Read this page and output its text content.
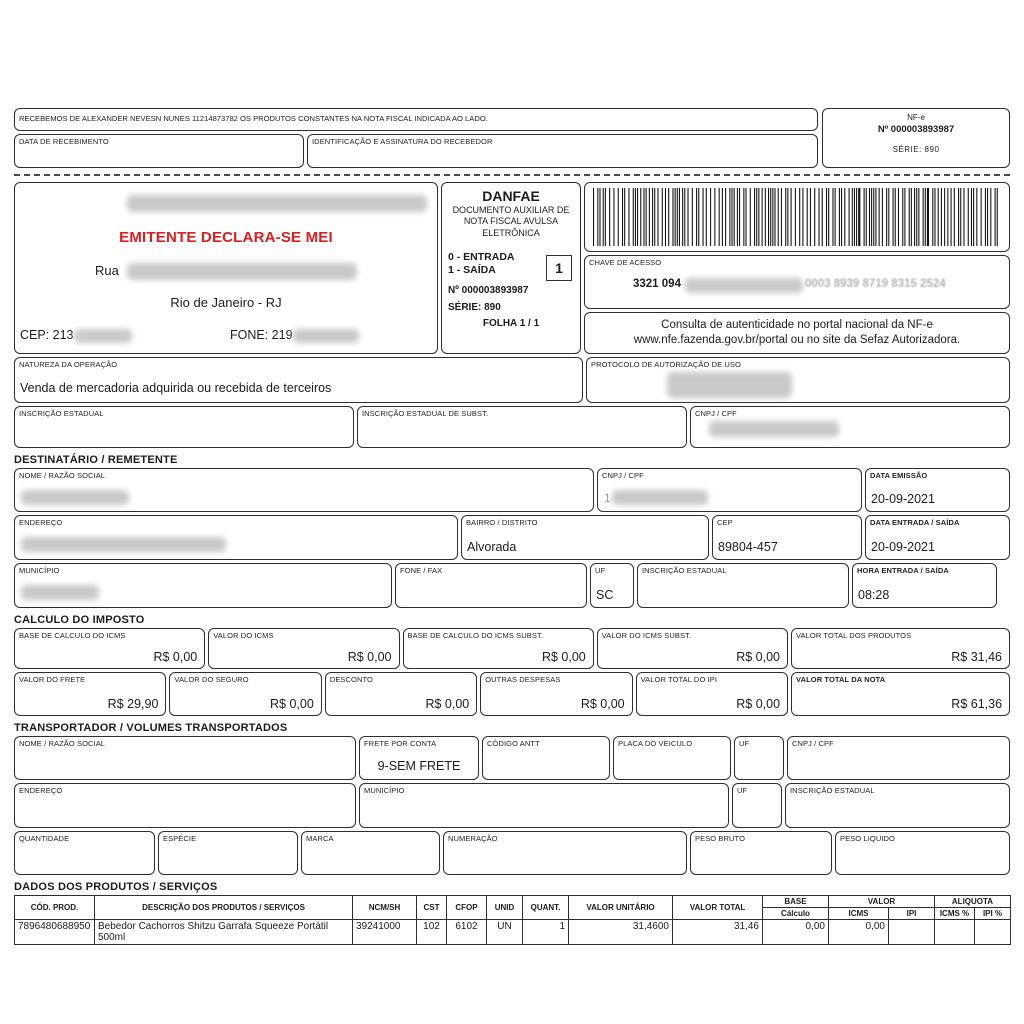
RECEBEMOS DE ALEXANDER NEVESN NUNES 11214873782 OS PRODUTOS CONSTANTES NA NOTA FISCAL INDICADA AO LADO.
DATA DE RECEBIMENTO	IDENTIFICAÇÃO E ASSINATURA DO RECEBEDOR
NF-e
Nº 000003893987
SÉRIE: 890
EMITENTE DECLARA-SE MEI
Rua
Rio de Janeiro - RJ
CEP: 213	FONE: 219
DANFAE
DOCUMENTO AUXILIAR DE NOTA FISCAL AVULSA ELETRÔNICA
0 - ENTRADA
1 - SAÍDA	1
Nº 000003893987
SÉRIE: 890
FOLHA 1 / 1
CHAVE DE ACESSO
3321 094	0003 8939 8719 8315 2524
Consulta de autenticidade no portal nacional da NF-e www.nfe.fazenda.gov.br/portal ou no site da Sefaz Autorizadora.
NATUREZA DA OPERAÇÃO
Venda de mercadoria adquirida ou recebida de terceiros
PROTOCOLO DE AUTORIZAÇÃO DE USO
INSCRIÇÃO ESTADUAL	INSCRIÇÃO ESTADUAL DE SUBST.	CNPJ / CPF
DESTINATÁRIO / REMETENTE
NOME / RAZÃO SOCIAL	CNPJ / CPF
1
DATA EMISSÃO
20-09-2021
ENDEREÇO	BAIRRO / DISTRITO
Alvorada
CEP
89804-457
DATA ENTRADA / SAÍDA
20-09-2021
MUNICÍPIO	FONE / FAX	UF
SC
INSCRIÇÃO ESTADUAL	HORA ENTRADA / SAÍDA
08:28
CALCULO DO IMPOSTO
BASE DE CALCULO DO ICMS
R$ 0,00
VALOR DO ICMS
R$ 0,00
BASE DE CALCULO DO ICMS SUBST.
R$ 0,00
VALOR DO ICMS SUBST.
R$ 0,00
VALOR TOTAL DOS PRODUTOS
R$ 31,46
VALOR DO FRETE
R$ 29,90
VALOR DO SEGURO
R$ 0,00
DESCONTO
R$ 0,00
OUTRAS DESPESAS
R$ 0,00
VALOR TOTAL DO IPI
R$ 0,00
VALOR TOTAL DA NOTA
R$ 61,36
TRANSPORTADOR / VOLUMES TRANSPORTADOS
NOME / RAZÃO SOCIAL	FRETE POR CONTA
9-SEM FRETE
CÓDIGO ANTT	PLACA DO VEICULO	UF	CNPJ / CPF
ENDEREÇO	MUNICÍPIO	UF	INSCRIÇÃO ESTADUAL
QUANTIDADE	ESPÉCIE	MARCA	NUMERAÇÃO	PESO BRUTO	PESO LIQUIDO
DADOS DOS PRODUTOS / SERVIÇOS
CÓD. PROD.	DESCRIÇÃO DOS PRODUTOS / SERVIÇOS	NCM/SH	CST	CFOP	UNID	QUANT.	VALOR UNITÁRIO	VALOR TOTAL	BASE	VALOR		ALIQUOTA	
									Cálculo	ICMS	IPI	ICMS %	IPI %
7896480688950	Bebedor Cachorros Shitzu Garrafa Squeeze Portátil 500ml	39241000	102	6102	UN	1	31,4600	31,46	0,00	0,00			
